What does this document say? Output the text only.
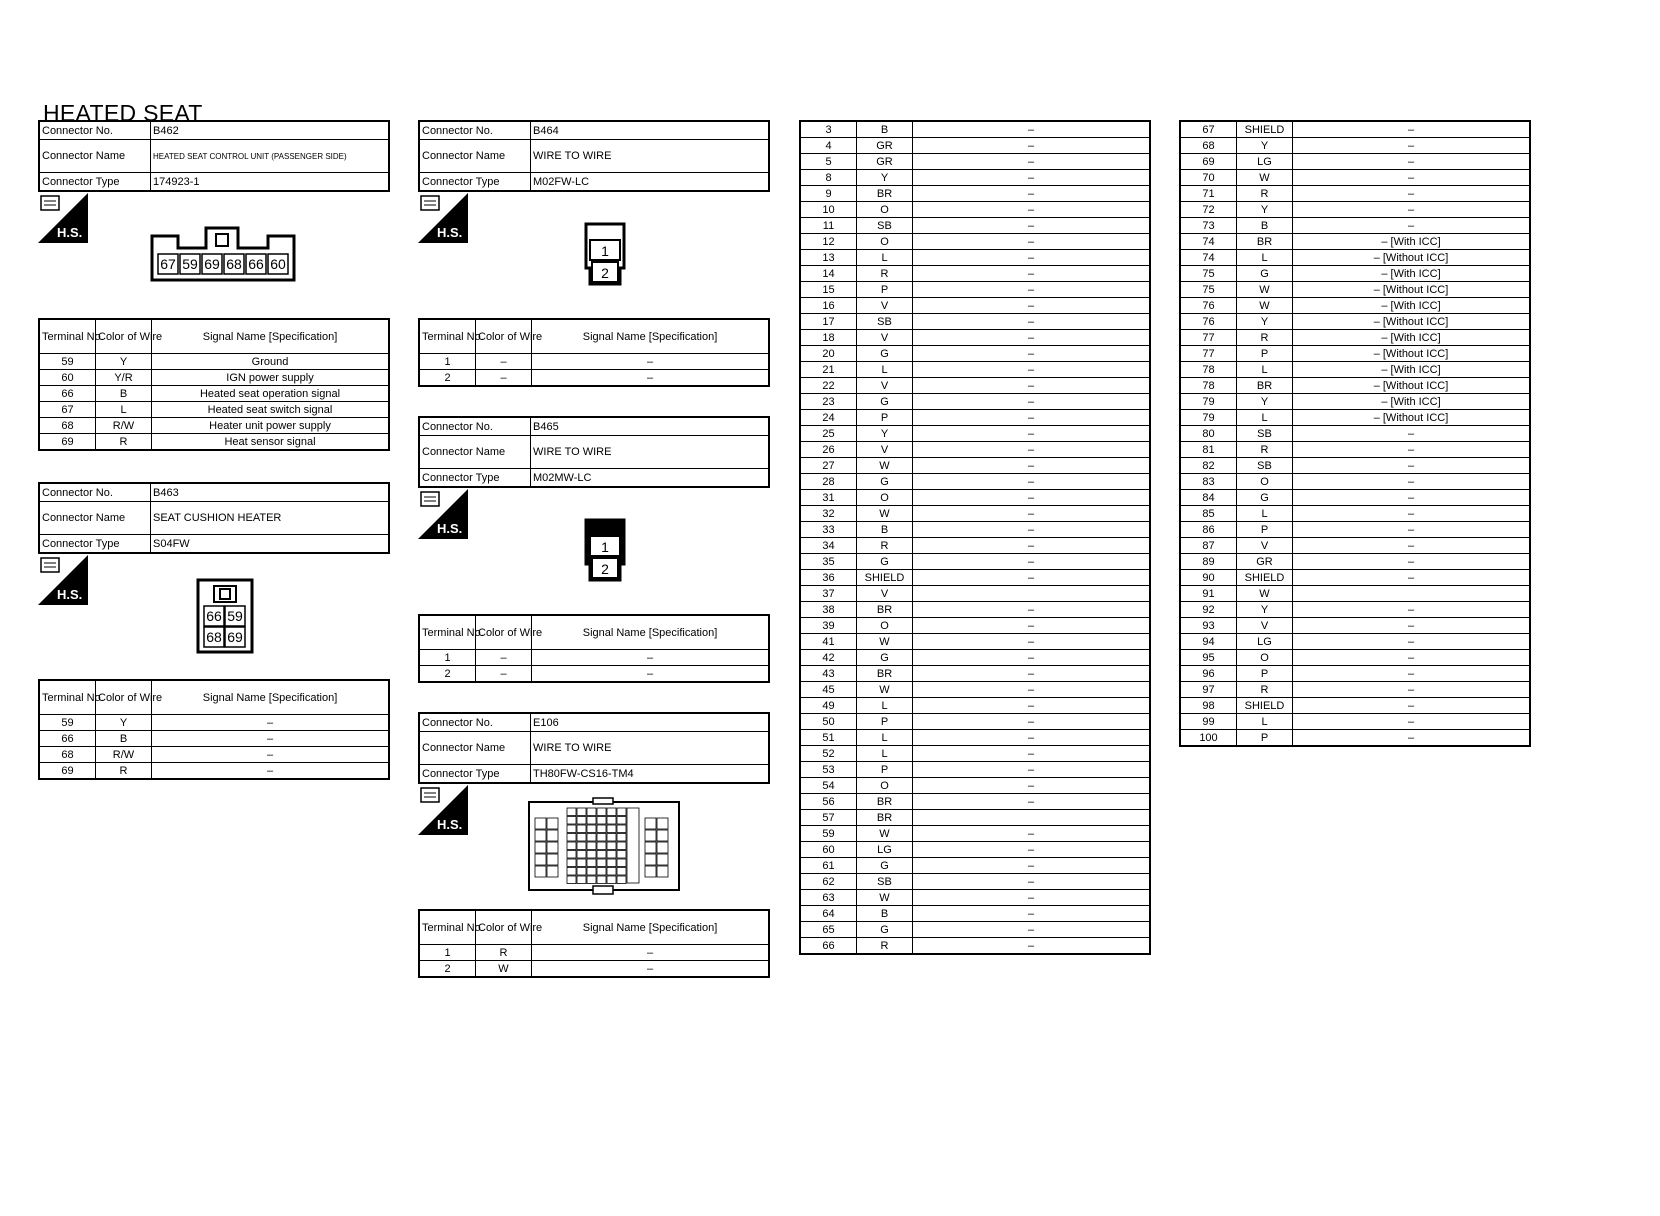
HEATED SEAT
Connector No.	B462
Connector Name	HEATED SEAT CONTROL UNIT (PASSENGER SIDE)
Connector Type	174923-1
H.S.
67 59 69 68 66 60
Terminal No.	Color of Wire	Signal Name [Specification]
59	Y	Ground
60	Y/R	IGN power supply
66	B	Heated seat operation signal
67	L	Heated seat switch signal
68	R/W	Heater unit power supply
69	R	Heat sensor signal
Connector No.	B463
Connector Name	SEAT CUSHION HEATER
Connector Type	S04FW
H.S.
66 59
68 69
Terminal No.	Color of Wire	Signal Name [Specification]
59	Y	–
66	B	–
68	R/W	–
69	R	–
Connector No.	B464
Connector Name	WIRE TO WIRE
Connector Type	M02FW-LC
H.S.
1
2
Terminal No.	Color of Wire	Signal Name [Specification]
1	–	–
2	–	–
Connector No.	B465
Connector Name	WIRE TO WIRE
Connector Type	M02MW-LC
H.S.
1
2
Terminal No.	Color of Wire	Signal Name [Specification]
1	–	–
2	–	–
Connector No.	E106
Connector Name	WIRE TO WIRE
Connector Type	TH80FW-CS16-TM4
H.S.
Terminal No.	Color of Wire	Signal Name [Specification]
1	R	–
2	W	–
3	B	–
4	GR	–
5	GR	–
8	Y	–
9	BR	–
10	O	–
11	SB	–
12	O	–
13	L	–
14	R	–
15	P	–
16	V	–
17	SB	–
18	V	–
20	G	–
21	L	–
22	V	–
23	G	–
24	P	–
25	Y	–
26	V	–
27	W	–
28	G	–
31	O	–
32	W	–
33	B	–
34	R	–
35	G	–
36	SHIELD	–
37	V	
38	BR	–
39	O	–
41	W	–
42	G	–
43	BR	–
45	W	–
49	L	–
50	P	–
51	L	–
52	L	–
53	P	–
54	O	–
56	BR	–
57	BR	
59	W	–
60	LG	–
61	G	–
62	SB	–
63	W	–
64	B	–
65	G	–
66	R	–
67	SHIELD	–
68	Y	–
69	LG	–
70	W	–
71	R	–
72	Y	–
73	B	–
74	BR	– [With ICC]
74	L	– [Without ICC]
75	G	– [With ICC]
75	W	– [Without ICC]
76	W	– [With ICC]
76	Y	– [Without ICC]
77	R	– [With ICC]
77	P	– [Without ICC]
78	L	– [With ICC]
78	BR	– [Without ICC]
79	Y	– [With ICC]
79	L	– [Without ICC]
80	SB	–
81	R	–
82	SB	–
83	O	–
84	G	–
85	L	–
86	P	–
87	V	–
89	GR	–
90	SHIELD	–
91	W	
92	Y	–
93	V	–
94	LG	–
95	O	–
96	P	–
97	R	–
98	SHIELD	–
99	L	–
100	P	–
